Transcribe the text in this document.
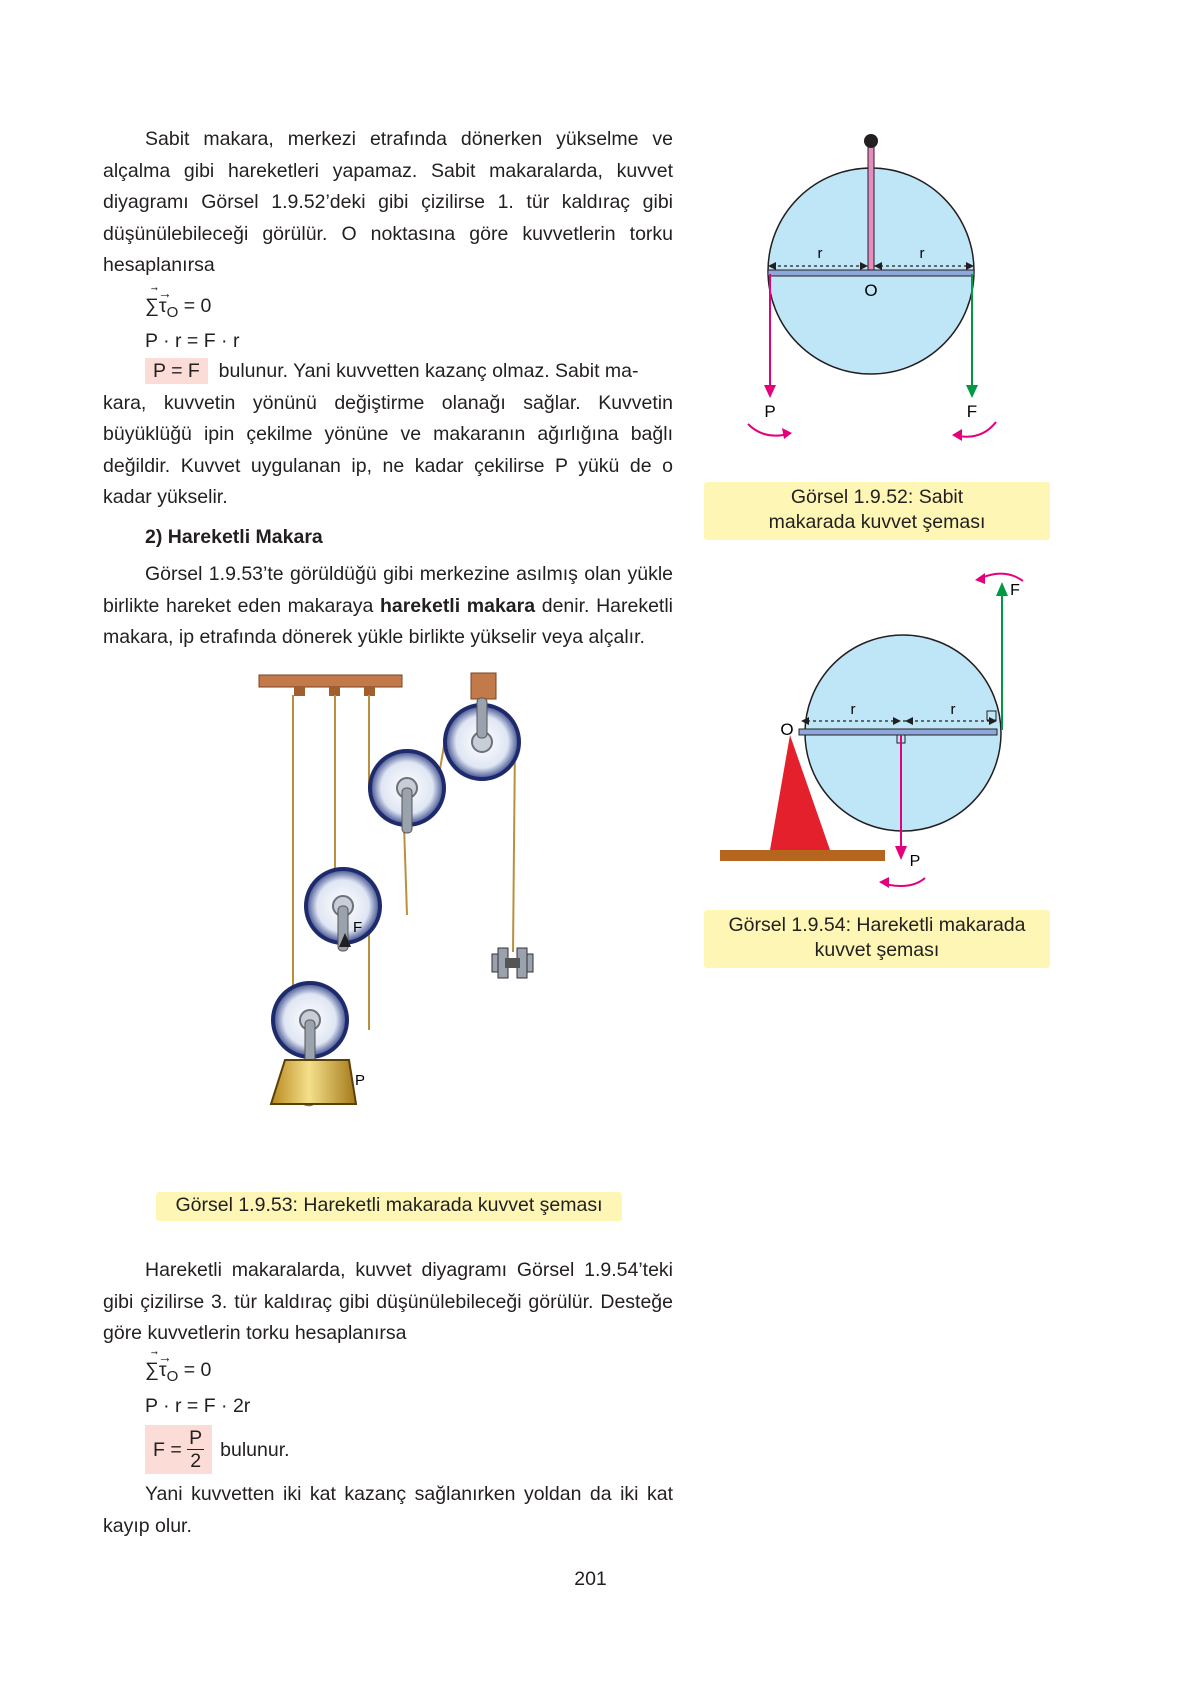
Sabit makara, merkezi etrafında dönerken yükselme ve alçalma gibi hareketleri yapamaz. Sabit makaralarda, kuvvet diyagramı Görsel 1.9.52’deki gibi çizilirse 1. tür kaldıraç gibi düşünülebileceği görülür. O noktasına göre kuvvetlerin torku hesaplanırsa
∑
⃗→
$\tau_O = 0$
P · r = F · r
P = F bulunur. Yani kuvvetten kazanç olmaz. Sabit ma-
kara, kuvvetin yönünü değiştirme olanağı sağlar. Kuvvetin büyüklüğü ipin çekilme yönüne ve makaranın ağırlığına bağlı değildir. Kuvvet uygulanan ip, ne kadar çekilirse P yükü de o kadar yükselir.
2) Hareketli Makara
Görsel 1.9.53’te görüldüğü gibi merkezine asılmış olan yükle birlikte hareket eden makaraya hareketli makara denir. Hareketli makara, ip etrafında dönerek yükle birlikte yükselir veya alçalır.
r	r
O
P	F
Görsel 1.9.52: Sabit makarada kuvvet şeması
r	r
O
P
F
Görsel 1.9.54: Hareketli makarada kuvvet şeması
P
F
Görsel 1.9.53: Hareketli makarada kuvvet şeması
Hareketli makaralarda, kuvvet diyagramı Görsel 1.9.54’teki gibi çizilirse 3. tür kaldıraç gibi düşünülebileceği görülür. Desteğe göre kuvvetlerin torku hesaplanırsa
∑
⃗→
$\tau_O = 0$
P · r = F · 2r
F =
$\frac{P}{2}$ bulunur.
Yani kuvvetten iki kat kazanç sağlanırken yoldan da iki kat kayıp olur.
201
